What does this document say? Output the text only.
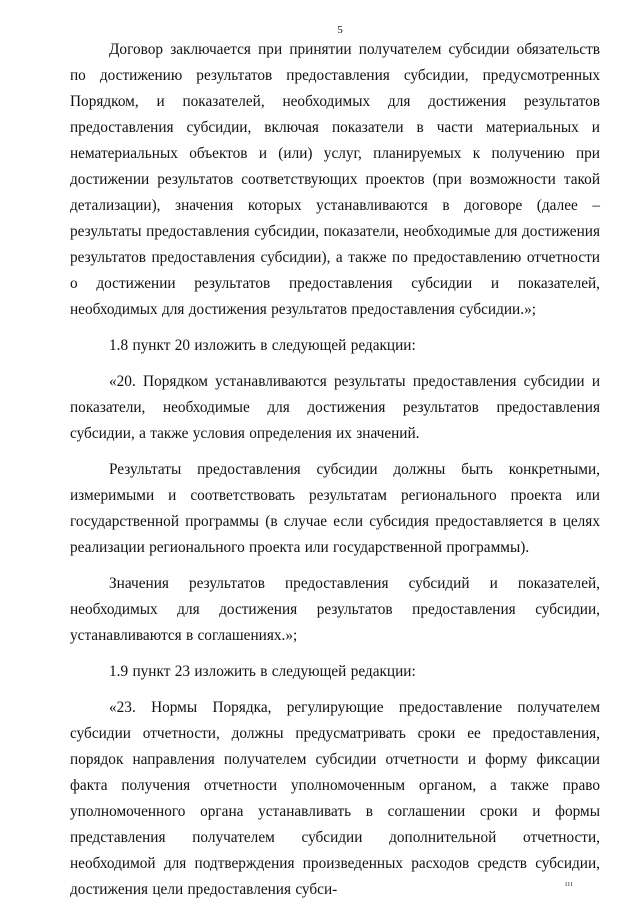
5

Договор заключается при принятии получателем субсидии обязательств по достижению результатов предоставления субсидии, предусмотренных Порядком, и показателей, необходимых для достижения результатов предоставления субсидии, включая показатели в части материальных и нематериальных объектов и (или) услуг, планируемых к получению при достижении результатов соответствующих проектов (при возможности такой детализации), значения которых устанавливаются в договоре (далее – результаты предоставления субсидии, показатели, необходимые для достижения результатов предоставления субсидии), а также по предоставлению отчетности о достижении результатов предоставления субсидии и показателей, необходимых для достижения результатов предоставления субсидии.»;

1.8 пункт 20 изложить в следующей редакции:

«20. Порядком устанавливаются результаты предоставления субсидии и показатели, необходимые для достижения результатов предоставления субсидии, а также условия определения их значений.

Результаты предоставления субсидии должны быть конкретными, измеримыми и соответствовать результатам регионального проекта или государственной программы (в случае если субсидия предоставляется в целях реализации регионального проекта или государственной программы).

Значения результатов предоставления субсидий и показателей, необходимых для достижения результатов предоставления субсидии, устанавливаются в соглашениях.»;

1.9 пункт 23 изложить в следующей редакции:

«23. Нормы Порядка, регулирующие предоставление получателем субсидии отчетности, должны предусматривать сроки ее предоставления, порядок направления получателем субсидии отчетности и форму фиксации факта получения отчетности уполномоченным органом, а также право уполномоченного органа устанавливать в соглашении сроки и формы представления получателем субсидии дополнительной отчетности, необходимой для подтверждения произведенных расходов средств субсидии, достижения цели предоставления субси-	ııı
